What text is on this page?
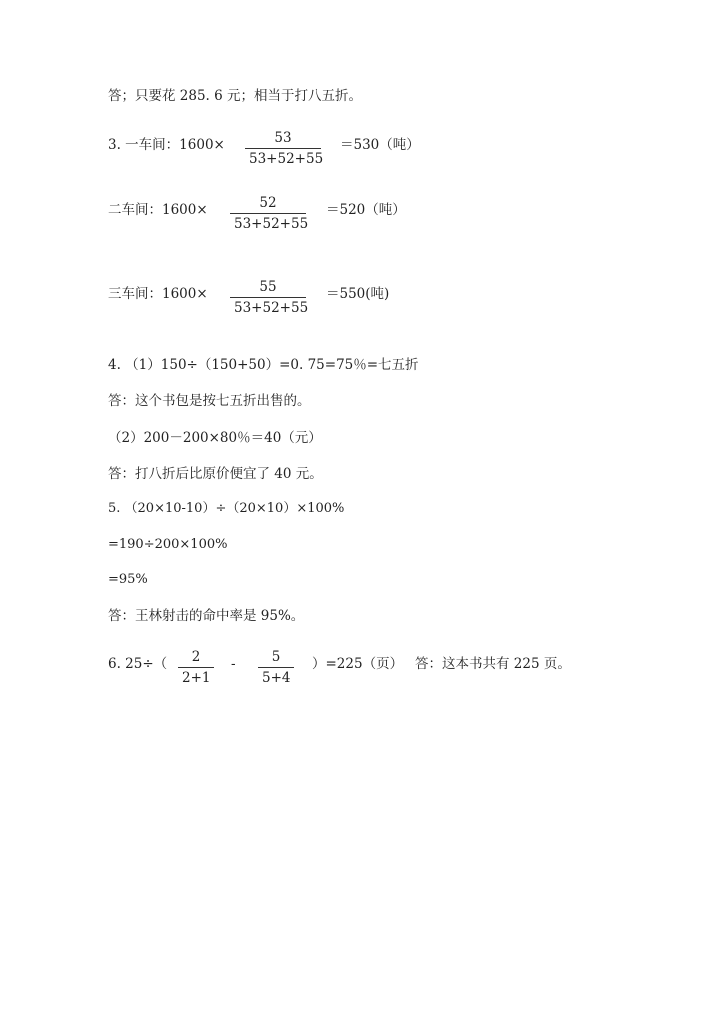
答；只要花 285. 6 元；相当于打八五折。
3. 一车间：$1600\times \frac{53}{53+52+55} =530$（吨）
二车间：$1600\times \frac{52}{53+52+55} =520$（吨）
三车间：$1600\times \frac{55}{53+52+55} =550$(吨)
4. （1）150÷（150+50）=0. 75=75％=七五折
答：这个书包是按七五折出售的。
（2）200－200×80％＝40（元）
答：打八折后比原价便宜了 40 元。
5. （20×10-10）÷（20×10）×100%
=190÷200×100%
=95%
答：王林射击的命中率是 95%。
6. $25\div( \frac{2}{2+1} - \frac{5}{5+4} )=225$（页） 答：这本书共有 225 页。
